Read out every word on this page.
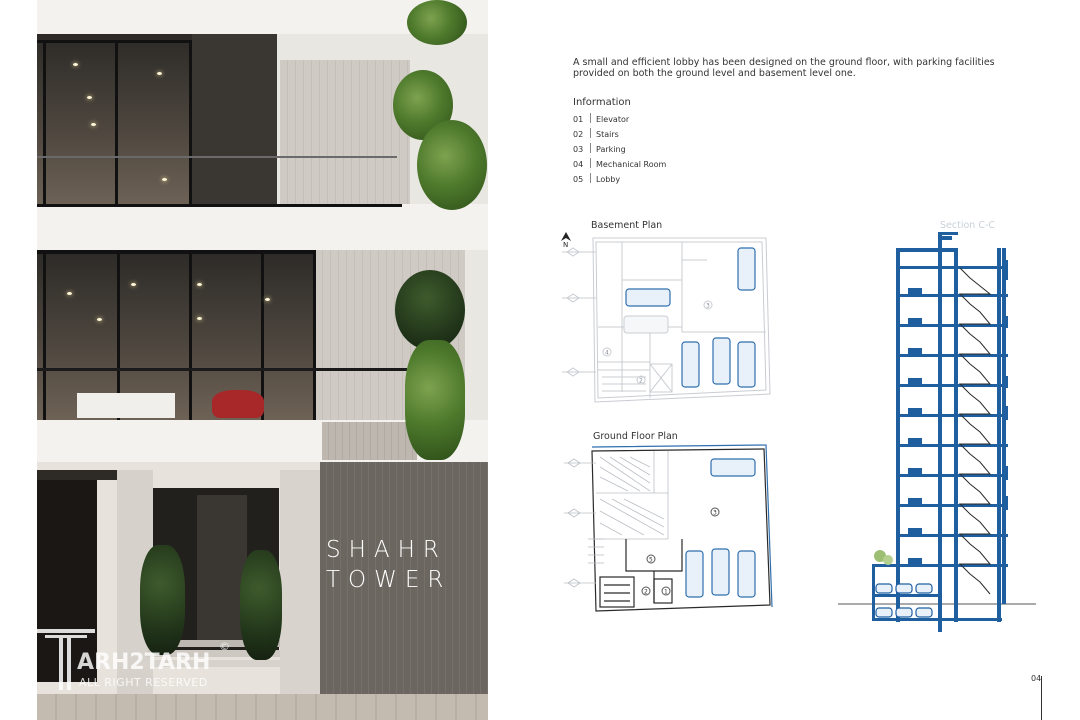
SHAHR
TOWER
ARH2TARH
ALL RIGHT RESERVED
©
A small and efficient lobby has been designed on the ground floor, with parking facilities provided on both the ground level and basement level one.
Information
01 Elevator
02 Stairs
03 Parking
04 Mechanical Room
05 Lobby
Basement Plan
N
3
4
2
Ground Floor Plan
3
5
2	1
Section C-C
04
